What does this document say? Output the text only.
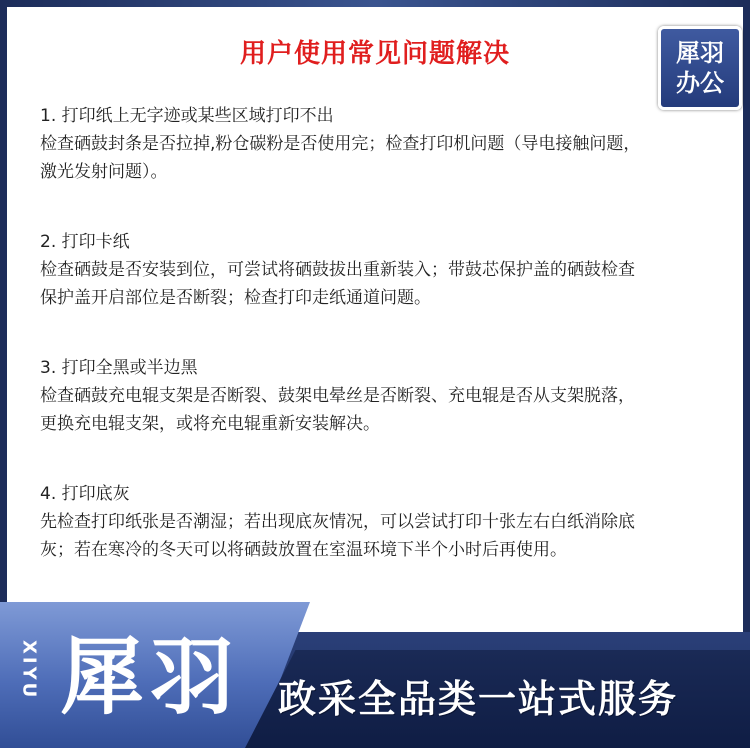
用户使用常见问题解决	犀羽
办公
1. 打印纸上无字迹或某些区域打印不出
检查硒鼓封条是否拉掉,粉仓碳粉是否使用完；检查打印机问题（导电接触问题，
激光发射问题）。
2. 打印卡纸
检查硒鼓是否安装到位，可尝试将硒鼓拔出重新装入；带鼓芯保护盖的硒鼓检查
保护盖开启部位是否断裂；检查打印走纸通道问题。
3. 打印全黑或半边黑
检查硒鼓充电辊支架是否断裂、鼓架电晕丝是否断裂、充电辊是否从支架脱落，
更换充电辊支架，或将充电辊重新安装解决。
4. 打印底灰
先检查打印纸张是否潮湿；若出现底灰情况，可以尝试打印十张左右白纸消除底
灰；若在寒冷的冬天可以将硒鼓放置在室温环境下半个小时后再使用。
XIYU 犀羽 政采全品类一站式服务
